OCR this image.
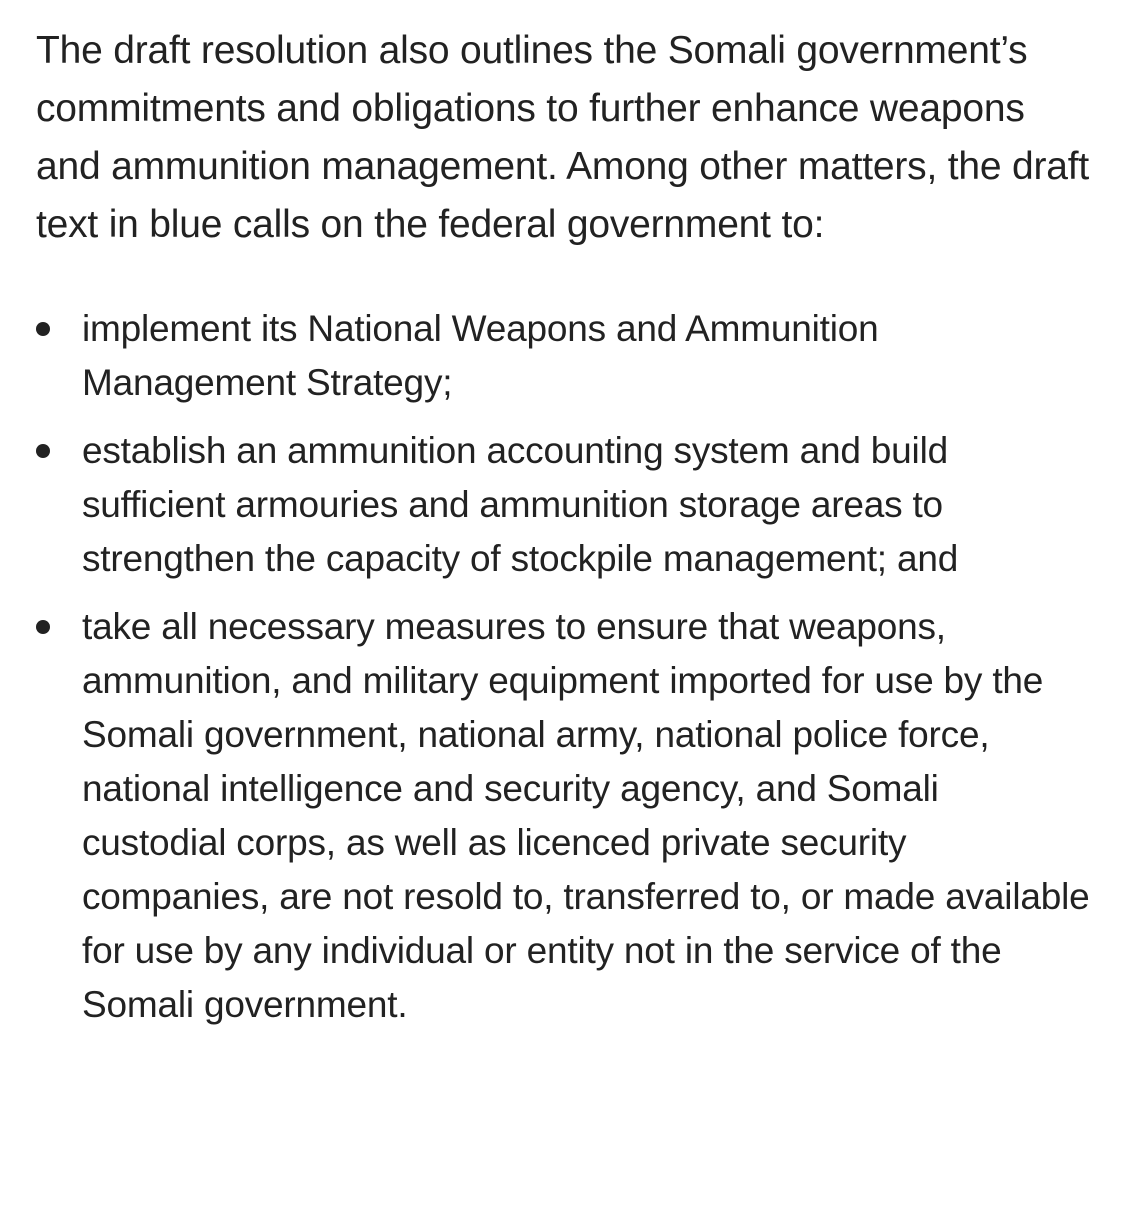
The draft resolution also outlines the Somali government’s commitments and obligations to further enhance weapons and ammunition management. Among other matters, the draft text in blue calls on the federal government to:

implement its National Weapons and Ammunition Management Strategy;
establish an ammunition accounting system and build sufficient armouries and ammunition storage areas to strengthen the capacity of stockpile management; and
take all necessary measures to ensure that weapons, ammunition, and military equipment imported for use by the Somali government, national army, national police force, national intelligence and security agency, and Somali custodial corps, as well as licenced private security companies, are not resold to, transferred to, or made available for use by any individual or entity not in the service of the Somali government.
